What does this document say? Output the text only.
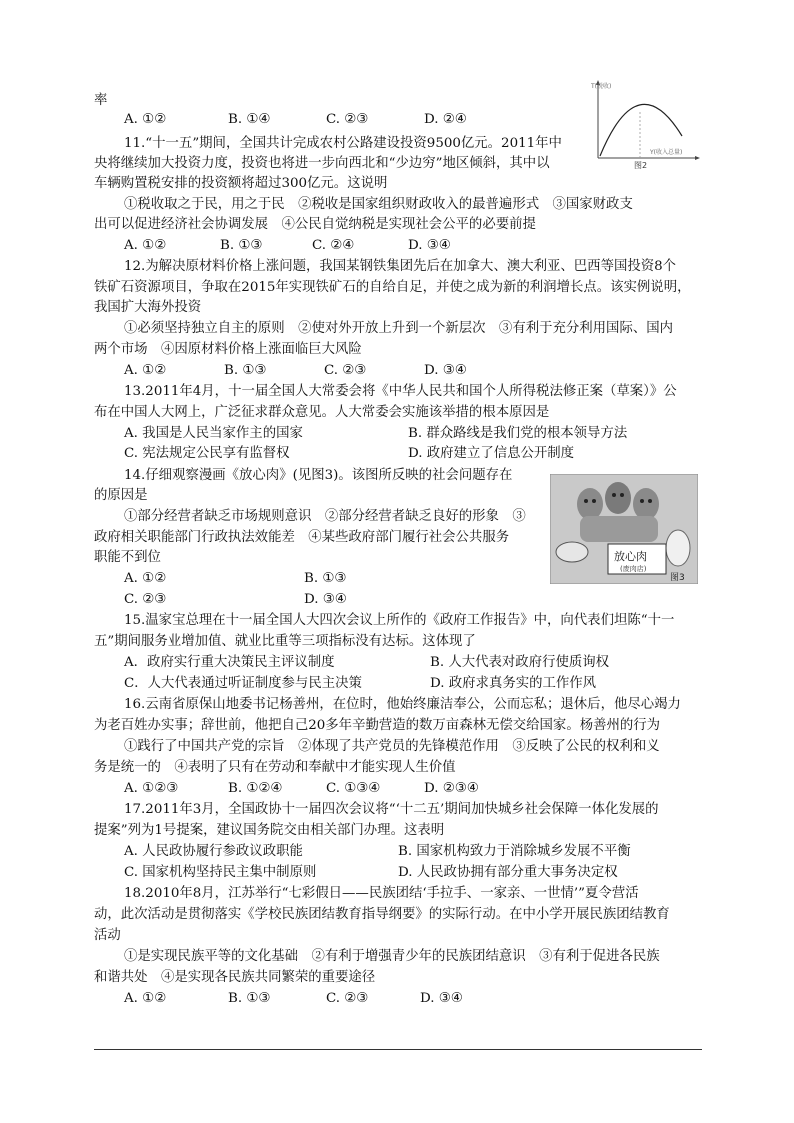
率
A. ①②	B. ①④	C. ②③	D. ②④
T(税收)
Y(收入总量)
图2
11.“十一五”期间，全国共计完成农村公路建设投资9500亿元。2011年中
央将继续加大投资力度，投资也将进一步向西北和“少边穷”地区倾斜，其中以
车辆购置税安排的投资额将超过300亿元。这说明
①税收取之于民，用之于民　②税收是国家组织财政收入的最普遍形式　③国家财政支
出可以促进经济社会协调发展　④公民自觉纳税是实现社会公平的必要前提
A. ①②	B. ①③	C. ②④	D. ③④
12.为解决原材料价格上涨问题，我国某钢铁集团先后在加拿大、澳大利亚、巴西等国投资8个
铁矿石资源项目，争取在2015年实现铁矿石的自给自足，并使之成为新的利润增长点。该实例说明，
我国扩大海外投资
①必须坚持独立自主的原则　②使对外开放上升到一个新层次　③有利于充分利用国际、国内
两个市场　④因原材料价格上涨面临巨大风险
A. ①②	B. ①③	C. ②③	D. ③④
13.2011年4月，十一届全国人大常委会将《中华人民共和国个人所得税法修正案（草案）》公
布在中国人大网上，广泛征求群众意见。人大常委会实施该举措的根本原因是
A. 我国是人民当家作主的国家	B. 群众路线是我们党的根本领导方法
C. 宪法规定公民享有监督权	D. 政府建立了信息公开制度
14.仔细观察漫画《放心肉》(见图3)。该图所反映的社会问题存在
的原因是
①部分经营者缺乏市场规则意识　②部分经营者缺乏良好的形象　③
政府相关职能部门行政执法效能差　④某些政府部门履行社会公共服务
职能不到位
A. ①②	B. ①③
C. ②③	D. ③④
放心肉
(废肉店)
图3
15.温家宝总理在十一届全国人大四次会议上所作的《政府工作报告》中，向代表们坦陈“十一
五”期间服务业增加值、就业比重等三项指标没有达标。这体现了
A．政府实行重大决策民主评议制度	B. 人大代表对政府行使质询权
C．人大代表通过听证制度参与民主决策	D. 政府求真务实的工作作风
16.云南省原保山地委书记杨善州，在位时，他始终廉洁奉公，公而忘私；退休后，他尽心竭力
为老百姓办实事；辞世前，他把自己20多年辛勤营造的数万亩森林无偿交给国家。杨善州的行为
①践行了中国共产党的宗旨　②体现了共产党员的先锋模范作用　③反映了公民的权利和义
务是统一的　④表明了只有在劳动和奉献中才能实现人生价值
A. ①②③	B. ①②④	C. ①③④	D. ②③④
17.2011年3月，全国政协十一届四次会议将“‘十二五’期间加快城乡社会保障一体化发展的
提案”列为1号提案，建议国务院交由相关部门办理。这表明
A. 人民政协履行参政议政职能	B. 国家机构致力于消除城乡发展不平衡
C. 国家机构坚持民主集中制原则	D. 人民政协拥有部分重大事务决定权
18.2010年8月，江苏举行“七彩假日——民族团结‘手拉手、一家亲、一世情’”夏令营活
动，此次活动是贯彻落实《学校民族团结教育指导纲要》的实际行动。在中小学开展民族团结教育
活动
①是实现民族平等的文化基础　②有利于增强青少年的民族团结意识　③有利于促进各民族
和谐共处　④是实现各民族共同繁荣的重要途径
A. ①②	B. ①③	C. ②③	D. ③④
